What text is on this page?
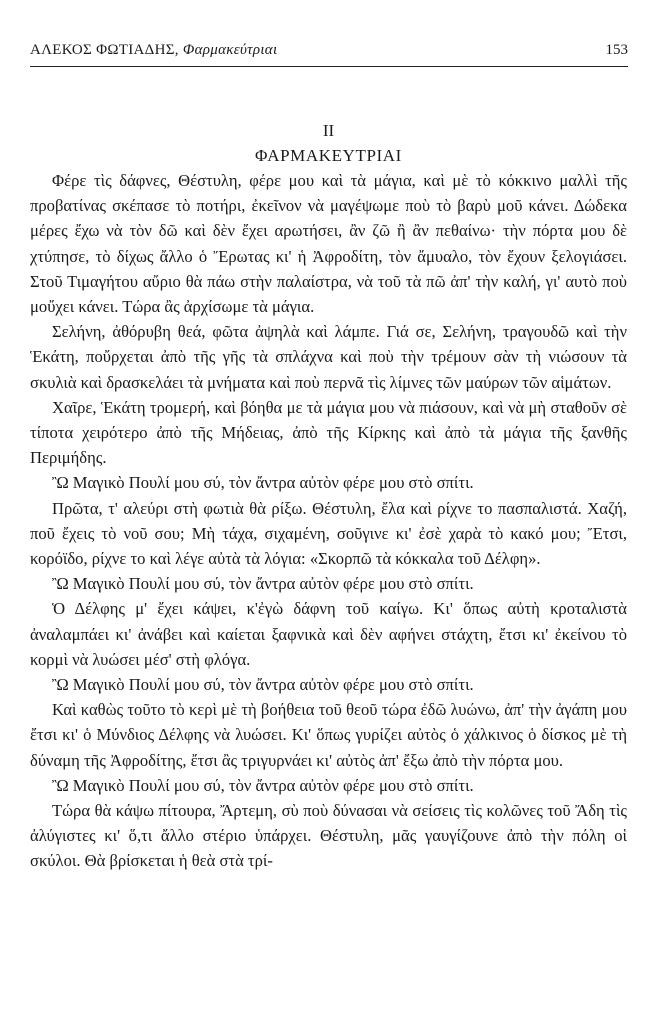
ΑΛΕΚΟΣ ΦΩΤΙΑΔΗΣ, Φαρμακεύτριαι	153

ΙΙ

ΦΑΡΜΑΚΕΥΤΡΙΑΙ

Φέρε τὶς δάφνες, Θέστυλη, φέρε μου καὶ τὰ μάγια, καὶ μὲ τὸ κόκκινο μαλλὶ τῆς προβατίνας σκέπασε τὸ ποτήρι, ἐκεῖνον νὰ μαγέψωμε ποὺ τὸ βαρὺ μοῦ κάνει. Δώδεκα μέρες ἔχω νὰ τὸν δῶ καὶ δὲν ἔχει αρωτήσει, ἂν ζῶ ἢ ἂν πεθαίνω· τὴν πόρτα μου δὲ χτύπησε, τὸ δίχως ἄλλο ὁ Ἔρωτας κι' ἡ Ἀφροδίτη, τὸν ἄμυαλο, τὸν ἔχουν ξελογιάσει. Στοῦ Τιμαγήτου αὔριο θὰ πάω στὴν παλαίστρα, νὰ τοῦ τὰ πῶ ἀπ' τὴν καλή, γι' αυτὸ ποὺ μοὔχει κάνει. Τώρα ἂς ἀρχίσωμε τὰ μάγια.

Σελήνη, ἀθόρυβη θεά, φῶτα ἀψηλὰ καὶ λάμπε. Γιά σε, Σελήνη, τραγουδῶ καὶ τὴν Ἑκάτη, ποὔρχεται ἀπὸ τῆς γῆς τὰ σπλάχνα καὶ ποὺ τὴν τρέμουν σὰν τὴ νιώσουν τὰ σκυλιὰ καὶ δρασκελάει τὰ μνήματα καὶ ποὺ περνᾶ τὶς λίμνες τῶν μαύρων τῶν αἱμάτων.

Χαῖρε, Ἑκάτη τρομερή, καὶ βόηθα με τὰ μάγια μου νὰ πιάσουν, καὶ νὰ μὴ σταθοῦν σὲ τίποτα χειρότερο ἀπὸ τῆς Μήδειας, ἀπὸ τῆς Κίρκης καὶ ἀπὸ τὰ μάγια τῆς ξανθῆς Περιμήδης.

Ὢ Μαγικὸ Πουλί μου σύ, τὸν ἄντρα αὐτὸν φέρε μου στὸ σπίτι.

Πρῶτα, τ' αλεύρι στὴ φωτιὰ θὰ ρίξω. Θέστυλη, ἔλα καὶ ρίχνε το πασπαλιστά. Χαζή, ποῦ ἔχεις τὸ νοῦ σου; Μὴ τάχα, σιχαμένη, σοῦγινε κι' ἐσὲ χαρὰ τὸ κακό μου; Ἔτσι, κορόϊδο, ρίχνε το καὶ λέγε αὐτὰ τὰ λόγια: «Σκορπῶ τὰ κόκκαλα τοῦ Δέλφη».

Ὢ Μαγικὸ Πουλί μου σύ, τὸν ἄντρα αὐτὸν φέρε μου στὸ σπίτι.

Ὁ Δέλφης μ' ἔχει κάψει, κ'ἐγὼ δάφνη τοῦ καίγω. Κι' ὅπως αὐτὴ κροταλιστὰ ἀναλαμπάει κι' ἀνάβει καὶ καίεται ξαφνικὰ καὶ δὲν αφήνει στάχτη, ἔτσι κι' ἐκείνου τὸ κορμὶ νὰ λυώσει μέσ' στὴ φλόγα.

Ὢ Μαγικὸ Πουλί μου σύ, τὸν ἄντρα αὐτὸν φέρε μου στὸ σπίτι.

Καὶ καθὼς τοῦτο τὸ κερὶ μὲ τὴ βοήθεια τοῦ θεοῦ τώρα ἐδῶ λυώνω, ἀπ' τὴν ἀγάπη μου ἔτσι κι' ὁ Μύνδιος Δέλφης νὰ λυώσει. Κι' ὅπως γυρίζει αὐτὸς ὁ χάλκινος ὁ δίσκος μὲ τὴ δύναμη τῆς Ἀφροδίτης, ἔτσι ἂς τριγυρνάει κι' αὐτὸς ἀπ' ἔξω ἀπὸ τὴν πόρτα μου.

Ὢ Μαγικὸ Πουλί μου σύ, τὸν ἄντρα αὐτὸν φέρε μου στὸ σπίτι.

Τώρα θὰ κάψω πίτουρα, Ἄρτεμη, σὺ ποὺ δύνασαι νὰ σείσεις τὶς κολῶνες τοῦ Ἄδη τὶς ἀλύγιστες κι' ὅ,τι ἄλλο στέριο ὑπάρχει. Θέστυλη, μᾶς γαυγίζουνε ἀπὸ τὴν πόλη οἱ σκύλοι. Θὰ βρίσκεται ἡ θεὰ στὰ τρί-
